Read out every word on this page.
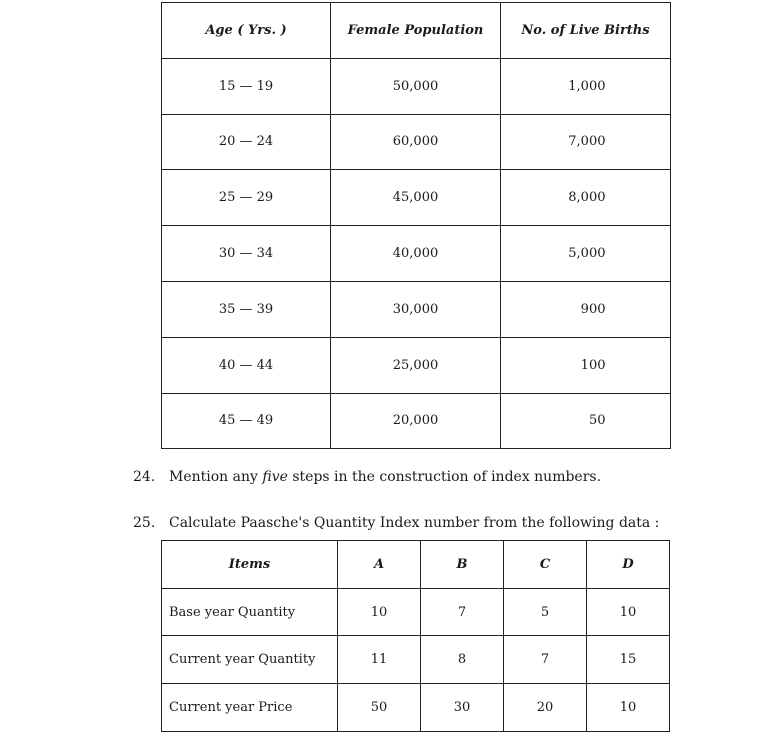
Age ( Yrs. )	Female Population	No. of Live Births
15 — 19	50,000	1,000
20 — 24	60,000	7,000
25 — 29	45,000	8,000
30 — 34	40,000	5,000
35 — 39	30,000	900
40 — 44	25,000	100
45 — 49	20,000	50
24. Mention any five steps in the construction of index numbers.
25. Calculate Paasche's Quantity Index number from the following data :
Items	A	B	C	D
Base year Quantity	10	7	5	10
Current year Quantity	11	8	7	15
Current year Price	50	30	20	10
